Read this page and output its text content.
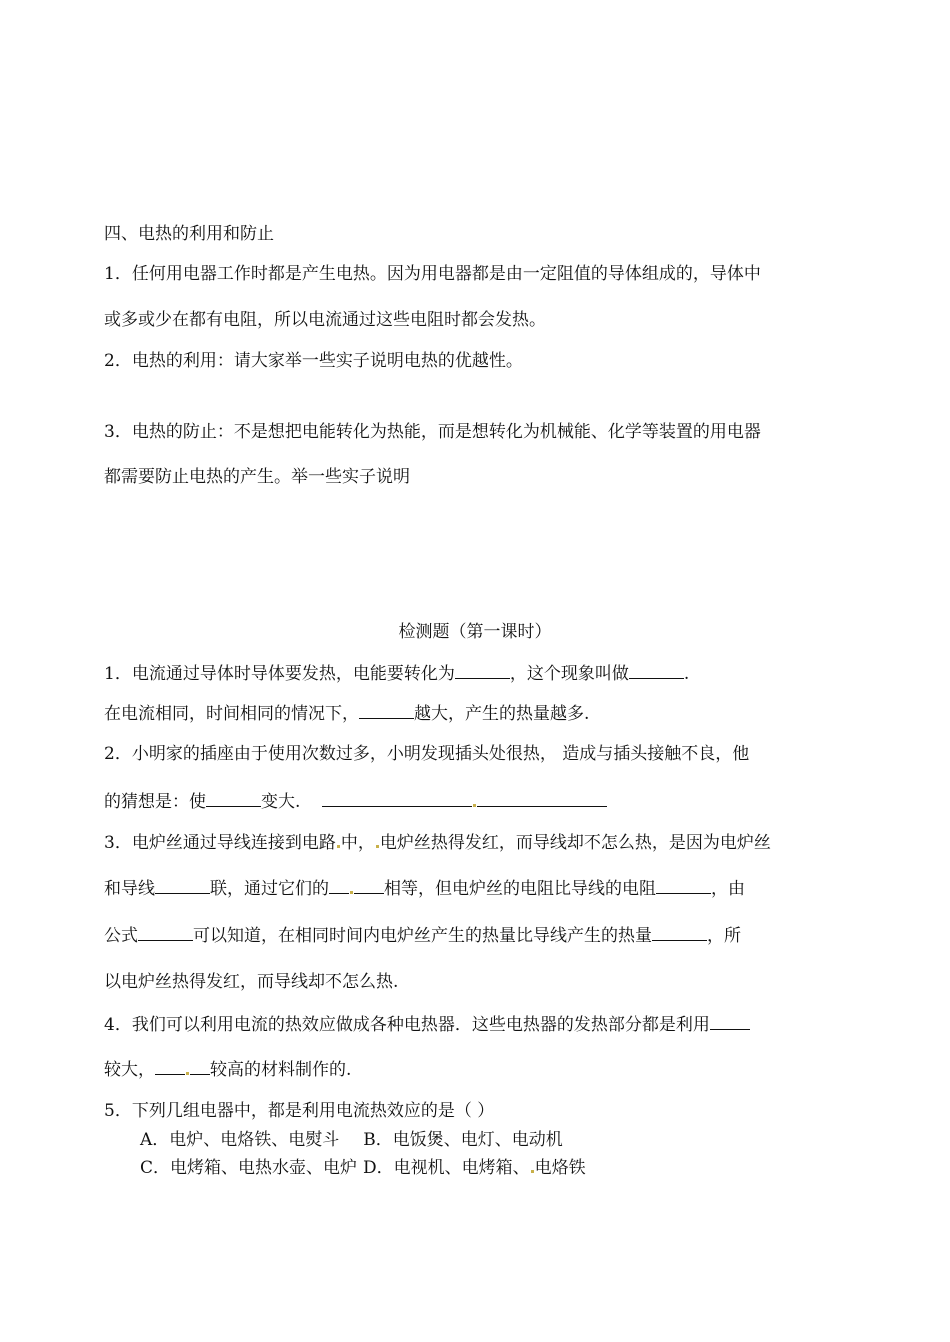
四、电热的利用和防止
1．任何用电器工作时都是产生电热。因为用电器都是由一定阻值的导体组成的，导体中
或多或少在都有电阻，所以电流通过这些电阻时都会发热。
2．电热的利用：请大家举一些实子说明电热的优越性。
3．电热的防止：不是想把电能转化为热能，而是想转化为机械能、化学等装置的用电器
都需要防止电热的产生。举一些实子说明
检测题（第一课时）
1．电流通过导体时导体要发热，电能要转化为	，这个现象叫做	.
在电流相同，时间相同的情况下，	越大，产生的热量越多.
2．小明家的插座由于使用次数过多，小明发现插头处很热， 造成与插头接触不良，他
的猜想是：使	变大.
3．电炉丝通过导线连接到电路 中， 电炉丝热得发红，而导线却不怎么热，是因为电炉丝
和导线	联，通过它们的	相等，但电炉丝的电阻比导线的电阻	，由
公式	可以知道，在相同时间内电炉丝产生的热量比导线产生的热量	，所
以电炉丝热得发红，而导线却不怎么热.
4．我们可以利用电流的热效应做成各种电热器．这些电热器的发热部分都是利用
较大，	较高的材料制作的.
5．下列几组电器中，都是利用电流热效应的是（ ）
A．电炉、电烙铁、电熨斗 B．电饭煲、电灯、电动机
C．电烤箱、电热水壶、电炉 D．电视机、电烤箱、 电烙铁
